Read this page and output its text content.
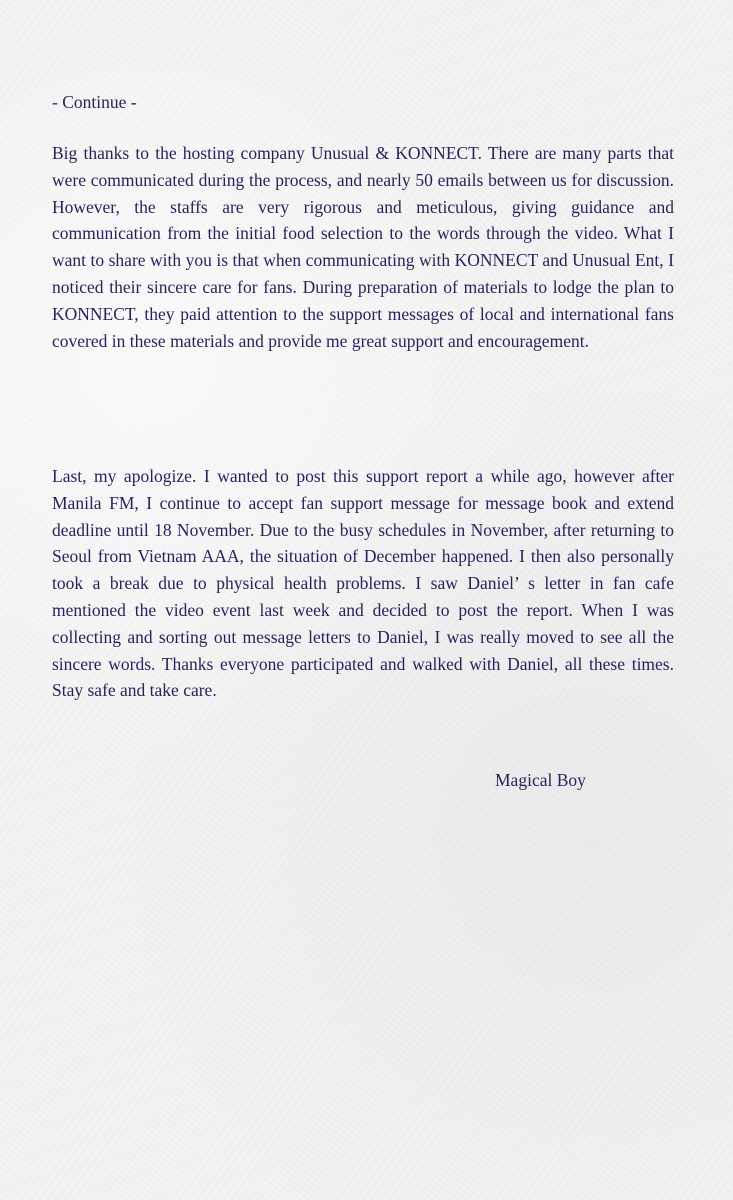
- Continue -

Big thanks to the hosting company Unusual & KONNECT. There are many parts that were communicated during the process, and nearly 50 emails between us for discussion. However, the staffs are very rigorous and meticulous, giving guidance and communication from the initial food selection to the words through the video. What I want to share with you is that when communicating with KONNECT and Unusual Ent, I noticed their sincere care for fans. During preparation of materials to lodge the plan to KONNECT, they paid attention to the support messages of local and international fans covered in these materials and provide me great support and encouragement.

Last, my apologize. I wanted to post this support report a while ago, however after Manila FM, I continue to accept fan support message for message book and extend deadline until 18 November. Due to the busy schedules in November, after returning to Seoul from Vietnam AAA, the situation of December happened. I then also personally took a break due to physical health problems. I saw Daniel’ s letter in fan cafe mentioned the video event last week and decided to post the report. When I was collecting and sorting out message letters to Daniel, I was really moved to see all the sincere words. Thanks everyone participated and walked with Daniel, all these times. Stay safe and take care.

Magical Boy
